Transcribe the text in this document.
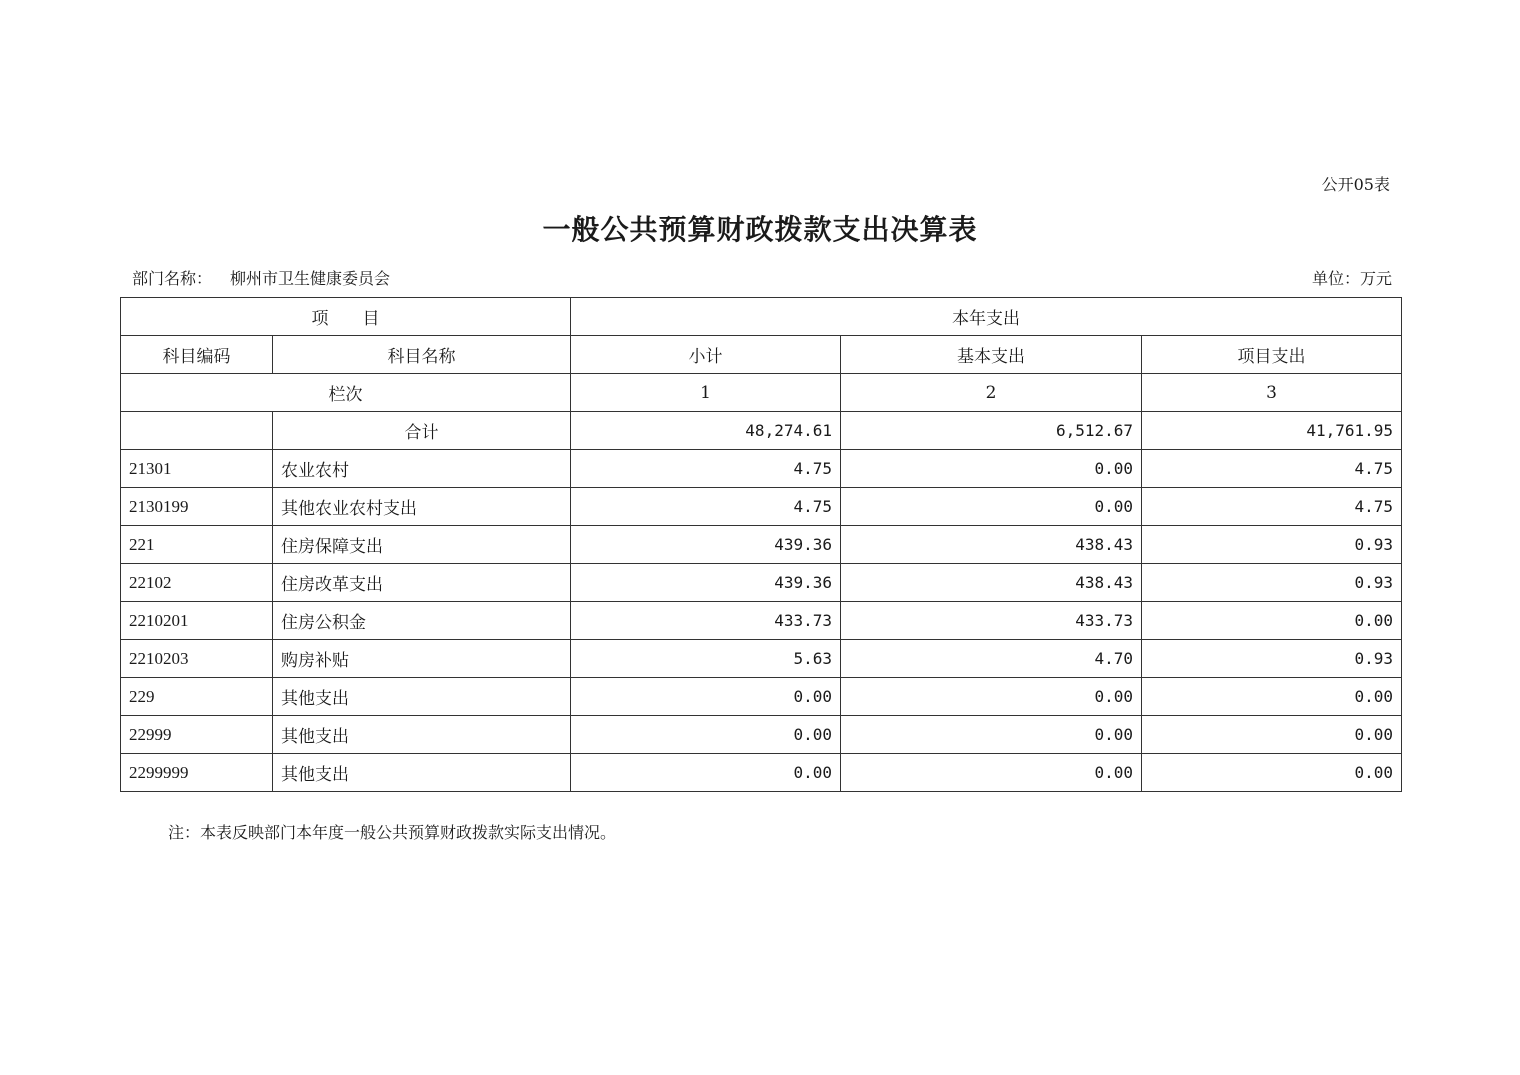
公开05表
一般公共预算财政拨款支出决算表
部门名称： 柳州市卫生健康委员会	单位：万元
项　　目		本年支出		
科目编码	科目名称	小计	基本支出	项目支出
栏次		1	2	3
	合计	48,274.61	6,512.67	41,761.95
21301	农业农村	4.75	0.00	4.75
2130199	其他农业农村支出	4.75	0.00	4.75
221	住房保障支出	439.36	438.43	0.93
22102	住房改革支出	439.36	438.43	0.93
2210201	住房公积金	433.73	433.73	0.00
2210203	购房补贴	5.63	4.70	0.93
229	其他支出	0.00	0.00	0.00
22999	其他支出	0.00	0.00	0.00
2299999	其他支出	0.00	0.00	0.00
注：本表反映部门本年度一般公共预算财政拨款实际支出情况。
